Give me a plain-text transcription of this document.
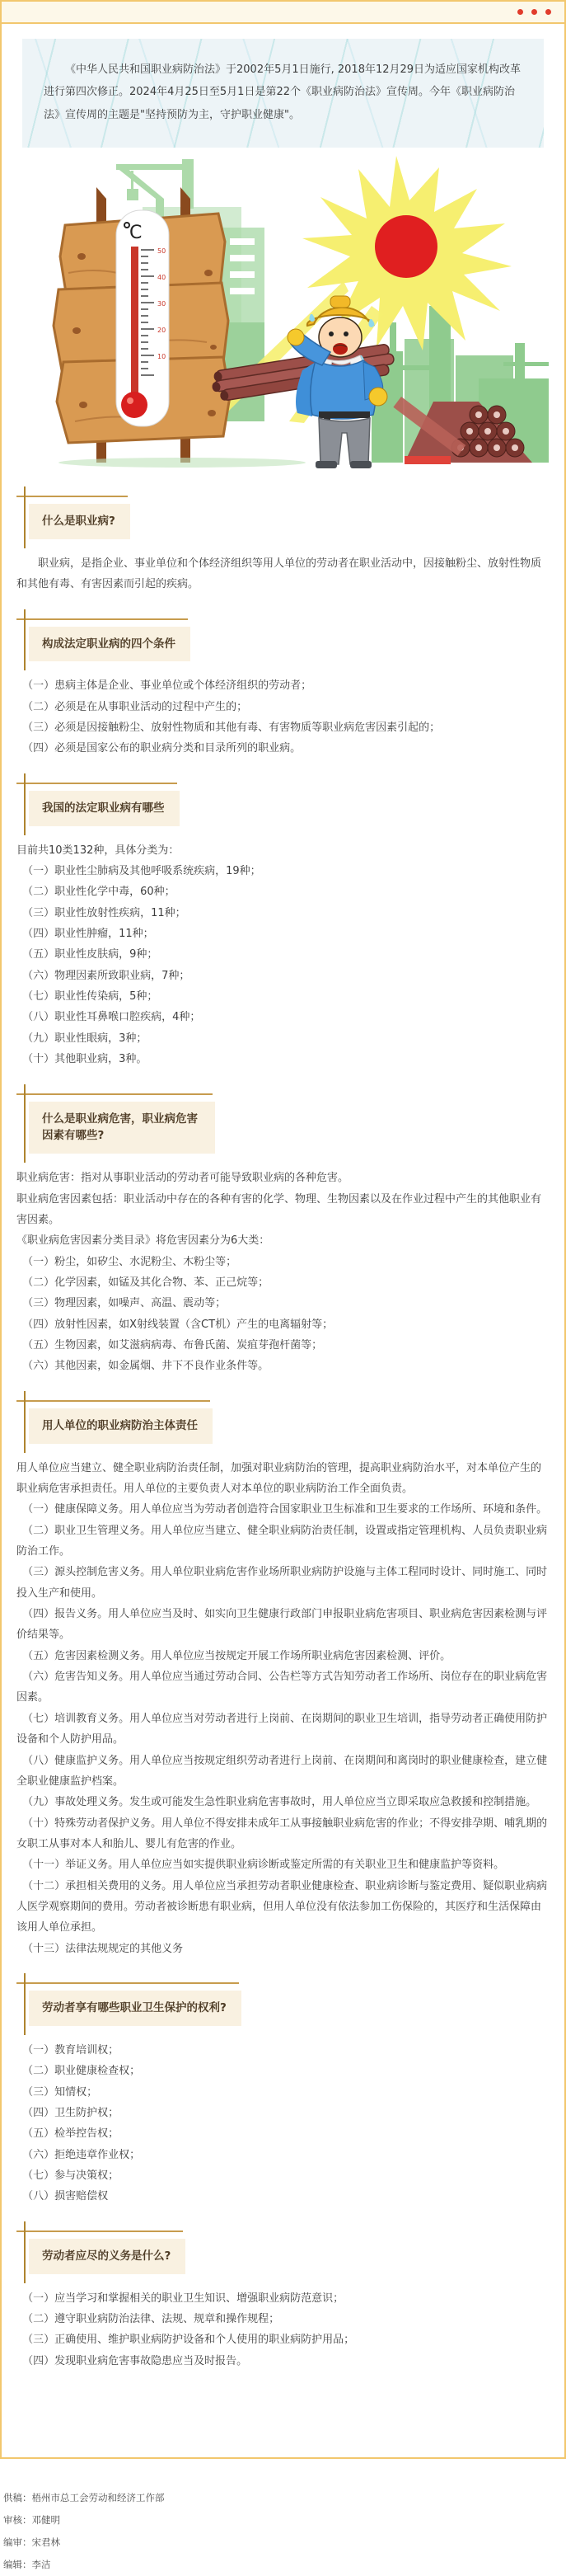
《中华人民共和国职业病防治法》于2002年5月1日施行, 2018年12月29日为适应国家机构改革进行第四次修正。2024年4月25日至5月1日是第22个《职业病防治法》宣传周。今年《职业病防治法》宣传周的主题是"坚持预防为主，守护职业健康"。

C
50
40
30
20
10
什么是职业病?

职业病，是指企业、事业单位和个体经济组织等用人单位的劳动者在职业活动中，因接触粉尘、放射性物质和其他有毒、有害因素而引起的疾病。

构成法定职业病的四个条件

（一）患病主体是企业、事业单位或个体经济组织的劳动者；

（二）必须是在从事职业活动的过程中产生的；

（三）必须是因接触粉尘、放射性物质和其他有毒、有害物质等职业病危害因素引起的；

（四）必须是国家公布的职业病分类和目录所列的职业病。

我国的法定职业病有哪些

目前共10类132种，具体分类为：

（一）职业性尘肺病及其他呼吸系统疾病，19种；

（二）职业性化学中毒，60种；

（三）职业性放射性疾病，11种；

（四）职业性肿瘤，11种；

（五）职业性皮肤病，9种；

（六）物理因素所致职业病，7种；

（七）职业性传染病，5种；

（八）职业性耳鼻喉口腔疾病，4种；

（九）职业性眼病，3种；

（十）其他职业病，3种。

什么是职业病危害，职业病危害因素有哪些?

职业病危害：指对从事职业活动的劳动者可能导致职业病的各种危害。

职业病危害因素包括：职业活动中存在的各种有害的化学、物理、生物因素以及在作业过程中产生的其他职业有害因素。

《职业病危害因素分类目录》将危害因素分为6大类：

（一）粉尘，如矽尘、水泥粉尘、木粉尘等；

（二）化学因素，如锰及其化合物、苯、正己烷等；

（三）物理因素，如噪声、高温、震动等；

（四）放射性因素，如X射线装置（含CT机）产生的电离辐射等；

（五）生物因素，如艾滋病病毒、布鲁氏菌、炭疽芽孢杆菌等；

（六）其他因素，如金属烟、井下不良作业条件等。

用人单位的职业病防治主体责任

用人单位应当建立、健全职业病防治责任制，加强对职业病防治的管理，提高职业病防治水平，对本单位产生的职业病危害承担责任。用人单位的主要负责人对本单位的职业病防治工作全面负责。

（一）健康保障义务。用人单位应当为劳动者创造符合国家职业卫生标准和卫生要求的工作场所、环境和条件。

（二）职业卫生管理义务。用人单位应当建立、健全职业病防治责任制，设置或指定管理机构、人员负责职业病防治工作。

（三）源头控制危害义务。用人单位职业病危害作业场所职业病防护设施与主体工程同时设计、同时施工、同时投入生产和使用。

（四）报告义务。用人单位应当及时、如实向卫生健康行政部门申报职业病危害项目、职业病危害因素检测与评价结果等。

（五）危害因素检测义务。用人单位应当按规定开展工作场所职业病危害因素检测、评价。

（六）危害告知义务。用人单位应当通过劳动合同、公告栏等方式告知劳动者工作场所、岗位存在的职业病危害因素。

（七）培训教育义务。用人单位应当对劳动者进行上岗前、在岗期间的职业卫生培训，指导劳动者正确使用防护设备和个人防护用品。

（八）健康监护义务。用人单位应当按规定组织劳动者进行上岗前、在岗期间和离岗时的职业健康检查，建立健全职业健康监护档案。

（九）事故处理义务。发生或可能发生急性职业病危害事故时，用人单位应当立即采取应急救援和控制措施。

（十）特殊劳动者保护义务。用人单位不得安排未成年工从事接触职业病危害的作业；不得安排孕期、哺乳期的女职工从事对本人和胎儿、婴儿有危害的作业。

（十一）举证义务。用人单位应当如实提供职业病诊断或鉴定所需的有关职业卫生和健康监护等资料。

（十二）承担相关费用的义务。用人单位应当承担劳动者职业健康检查、职业病诊断与鉴定费用、疑似职业病病人医学观察期间的费用。劳动者被诊断患有职业病，但用人单位没有依法参加工伤保险的，其医疗和生活保障由该用人单位承担。

（十三）法律法规规定的其他义务

劳动者享有哪些职业卫生保护的权利?

（一）教育培训权；

（二）职业健康检查权；

（三）知情权；

（四）卫生防护权；

（五）检举控告权；

（六）拒绝违章作业权；

（七）参与决策权；

（八）损害赔偿权

劳动者应尽的义务是什么?

（一）应当学习和掌握相关的职业卫生知识、增强职业病防范意识；

（二）遵守职业病防治法律、法规、规章和操作规程；

（三）正确使用、维护职业病防护设备和个人使用的职业病防护用品；

（四）发现职业病危害事故隐患应当及时报告。

供稿：梧州市总工会劳动和经济工作部

审核：邓健明

编审：宋君林

编辑：李洁
